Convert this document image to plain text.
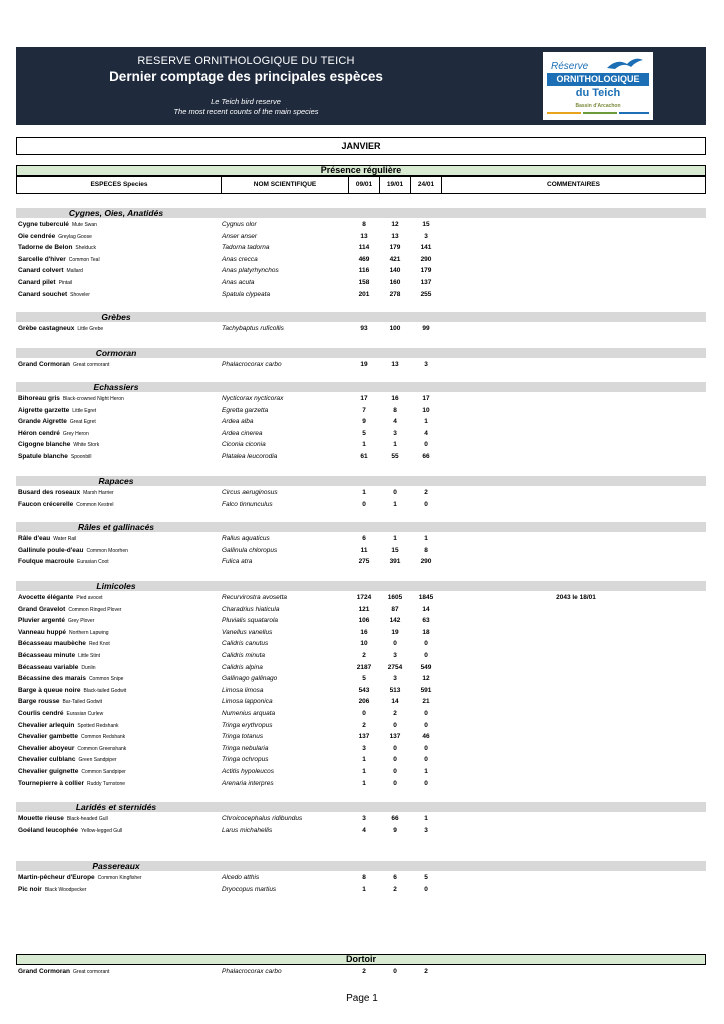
RESERVE ORNITHOLOGIQUE DU TEICH
Dernier comptage des principales espèces
Le Teich bird reserve
The most recent counts of the main species
Réserve
ORNITHOLOGIQUE
du Teich
Bassin d'Arcachon
JANVIER
Présence régulière
ESPECES Species	NOM SCIENTIFIQUE	09/01	19/01	24/01	COMMENTAIRES
Cygnes, Oies, Anatidés
Cygne tuberculé Mute Swan	Cygnus olor	8	12	15
Oie cendrée Greylag Goose	Anser anser	13	13	3
Tadorne de Belon Shelduck	Tadorna tadorna	114	179	141
Sarcelle d'hiver Common Teal	Anas crecca	469	421	290
Canard colvert Mallard	Anas platyrhynchos	116	140	179
Canard pilet Pintail	Anas acuta	158	160	137
Canard souchet Shoveler	Spatula clypeata	201	278	255
Grèbes
Grèbe castagneux Little Grebe	Tachybaptus ruficollis	93	100	99
Cormoran
Grand Cormoran Great cormorant	Phalacrocorax carbo	19	13	3
Echassiers
Bihoreau gris Black-crowned Night Heron	Nycticorax nycticorax	17	16	17
Aigrette garzette Little Egret	Egretta garzetta	7	8	10
Grande Aigrette Great Egret	Ardea alba	9	4	1
Héron cendré Grey Heron	Ardea cinerea	5	3	4
Cigogne blanche White Stork	Ciconia ciconia	1	1	0
Spatule blanche Spoonbill	Platalea leucorodia	61	55	66
Rapaces
Busard des roseaux Marsh Harrier	Circus aeruginosus	1	0	2
Faucon crécerelle Common Kestrel	Falco tinnunculus	0	1	0
Râles et gallinacés
Râle d'eau Water Rail	Rallus aquaticus	6	1	1
Gallinule poule-d'eau Common Moorhen	Gallinula chloropus	11	15	8
Foulque macroule Eurasian Coot	Fulica atra	275	391	290
Limicoles
Avocette élégante Pied avocet	Recurvirostra avosetta	1724	1605	1845	2043 le 18/01
Grand Gravelot Common Ringed Plover	Charadrius hiaticula	121	87	14
Pluvier argenté Grey Plover	Pluvialis squatarola	106	142	63
Vanneau huppé Northern Lapwing	Vanellus vanellus	16	19	18
Bécasseau maubèche Red Knot	Calidris canutus	10	0	0
Bécasseau minute Little Stint	Calidris minuta	2	3	0
Bécasseau variable Dunlin	Calidris alpina	2187	2754	549
Bécassine des marais Common Snipe	Gallinago gallinago	5	3	12
Barge à queue noire Black-tailed Godwit	Limosa limosa	543	513	591
Barge rousse Bar-Tailed Godwit	Limosa lapponica	206	14	21
Courlis cendré Eurasian Curlew	Numenius arquata	0	2	0
Chevalier arlequin Spotted Redshank	Tringa erythropus	2	0	0
Chevalier gambette Common Redshank	Tringa totanus	137	137	46
Chevalier aboyeur Common Greenshank	Tringa nebularia	3	0	0
Chevalier culblanc Green Sandpiper	Tringa ochropus	1	0	0
Chevalier guignette Common Sandpiper	Actitis hypoleucos	1	0	1
Tournepierre à collier Ruddy Turnstone	Arenaria interpres	1	0	0
Laridés et sternidés
Mouette rieuse Black-headed Gull	Chroicocephalus ridibundus	3	66	1
Goéland leucophée Yellow-legged Gull	Larus michahellis	4	9	3
Passereaux
Martin-pêcheur d'Europe Common Kingfisher	Alcedo atthis	8	6	5
Pic noir Black Woodpecker	Dryocopus martius	1	2	0
Dortoir
Grand Cormoran Great cormorant	Phalacrocorax carbo	2	0	2
Page 1
